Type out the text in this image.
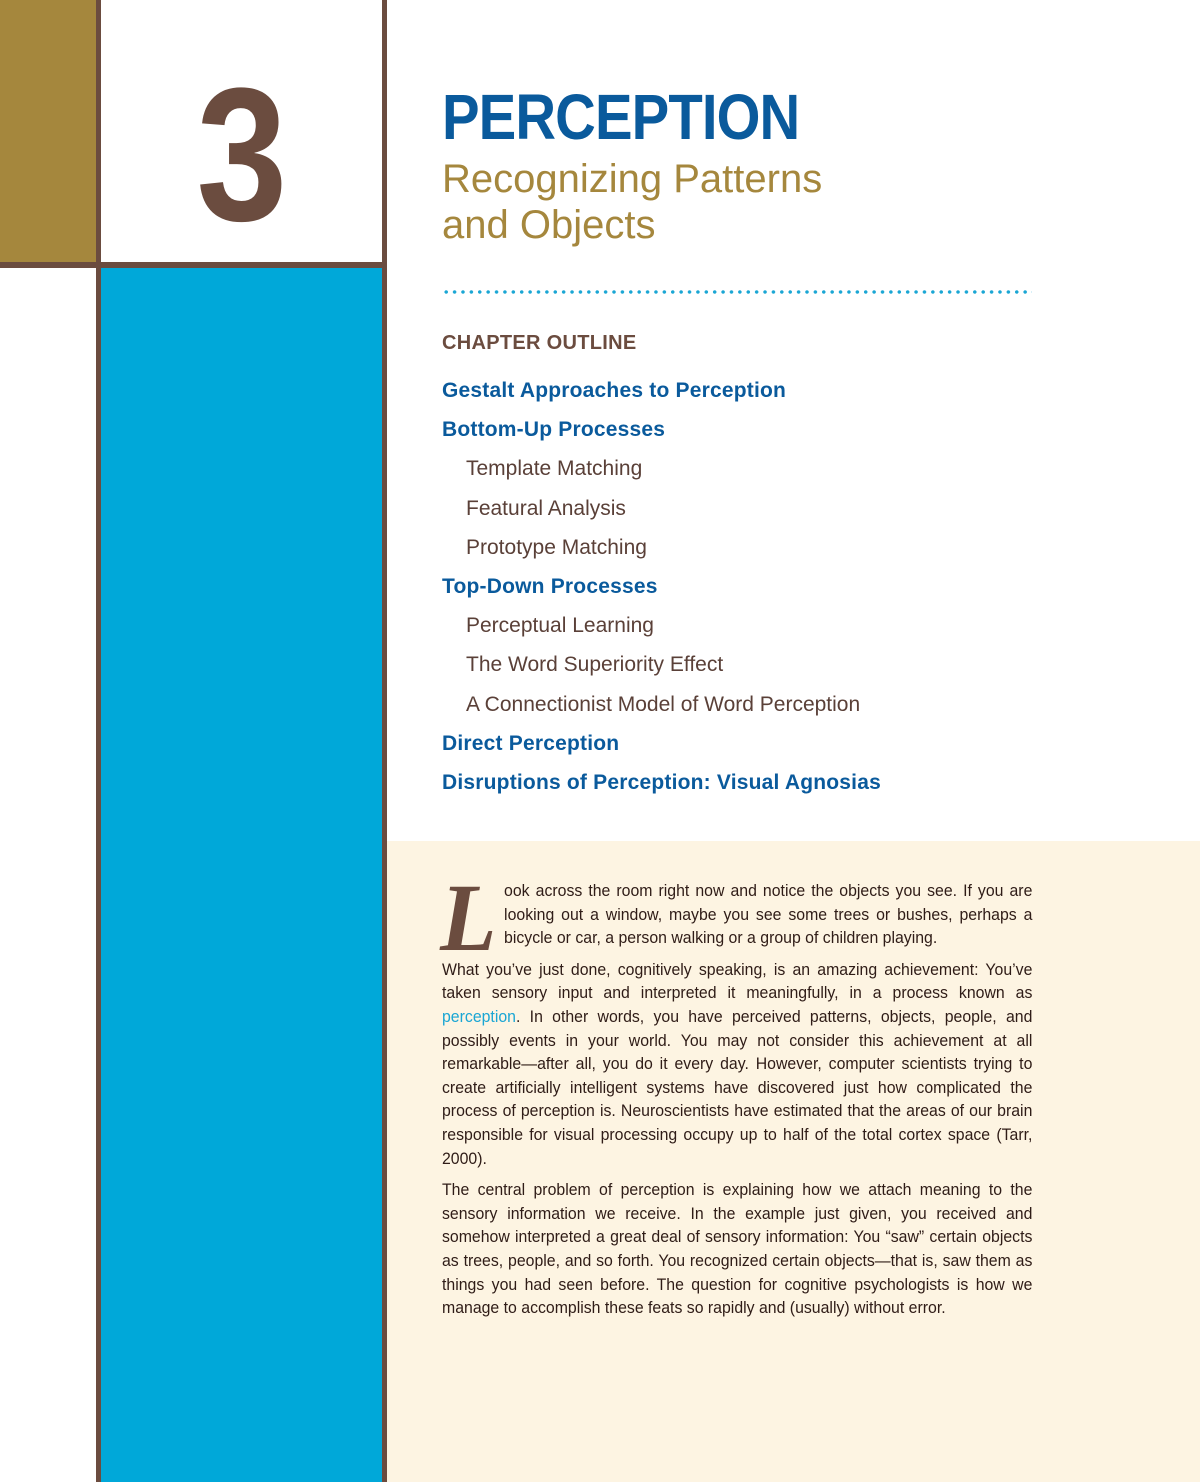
3	PERCEPTION
Recognizing Patterns
and Objects
CHAPTER OUTLINE
Gestalt Approaches to Perception
Bottom-Up Processes
Template Matching
Featural Analysis
Prototype Matching
Top-Down Processes
Perceptual Learning
The Word Superiority Effect
A Connectionist Model of Word Perception
Direct Perception
Disruptions of Perception: Visual Agnosias

Look across the room right now and notice the objects you see. If you are looking out a window, maybe you see some trees or bushes, perhaps a bicycle or car, a person walking or a group of children playing.

What you’ve just done, cognitively speaking, is an amazing achievement: You’ve taken sensory input and interpreted it meaningfully, in a process known as perception. In other words, you have perceived patterns, objects, people, and possibly events in your world. You may not consider this achievement at all remarkable—after all, you do it every day. However, computer scientists trying to create artificially intelligent systems have discovered just how complicated the process of perception is. Neuroscientists have estimated that the areas of our brain responsible for visual processing occupy up to half of the total cortex space (Tarr, 2000).

The central problem of perception is explaining how we attach meaning to the sensory information we receive. In the example just given, you received and somehow interpreted a great deal of sensory information: You “saw” certain objects as trees, people, and so forth. You recognized certain objects—that is, saw them as things you had seen before. The question for cognitive psychologists is how we manage to accomplish these feats so rapidly and (usually) without error.
